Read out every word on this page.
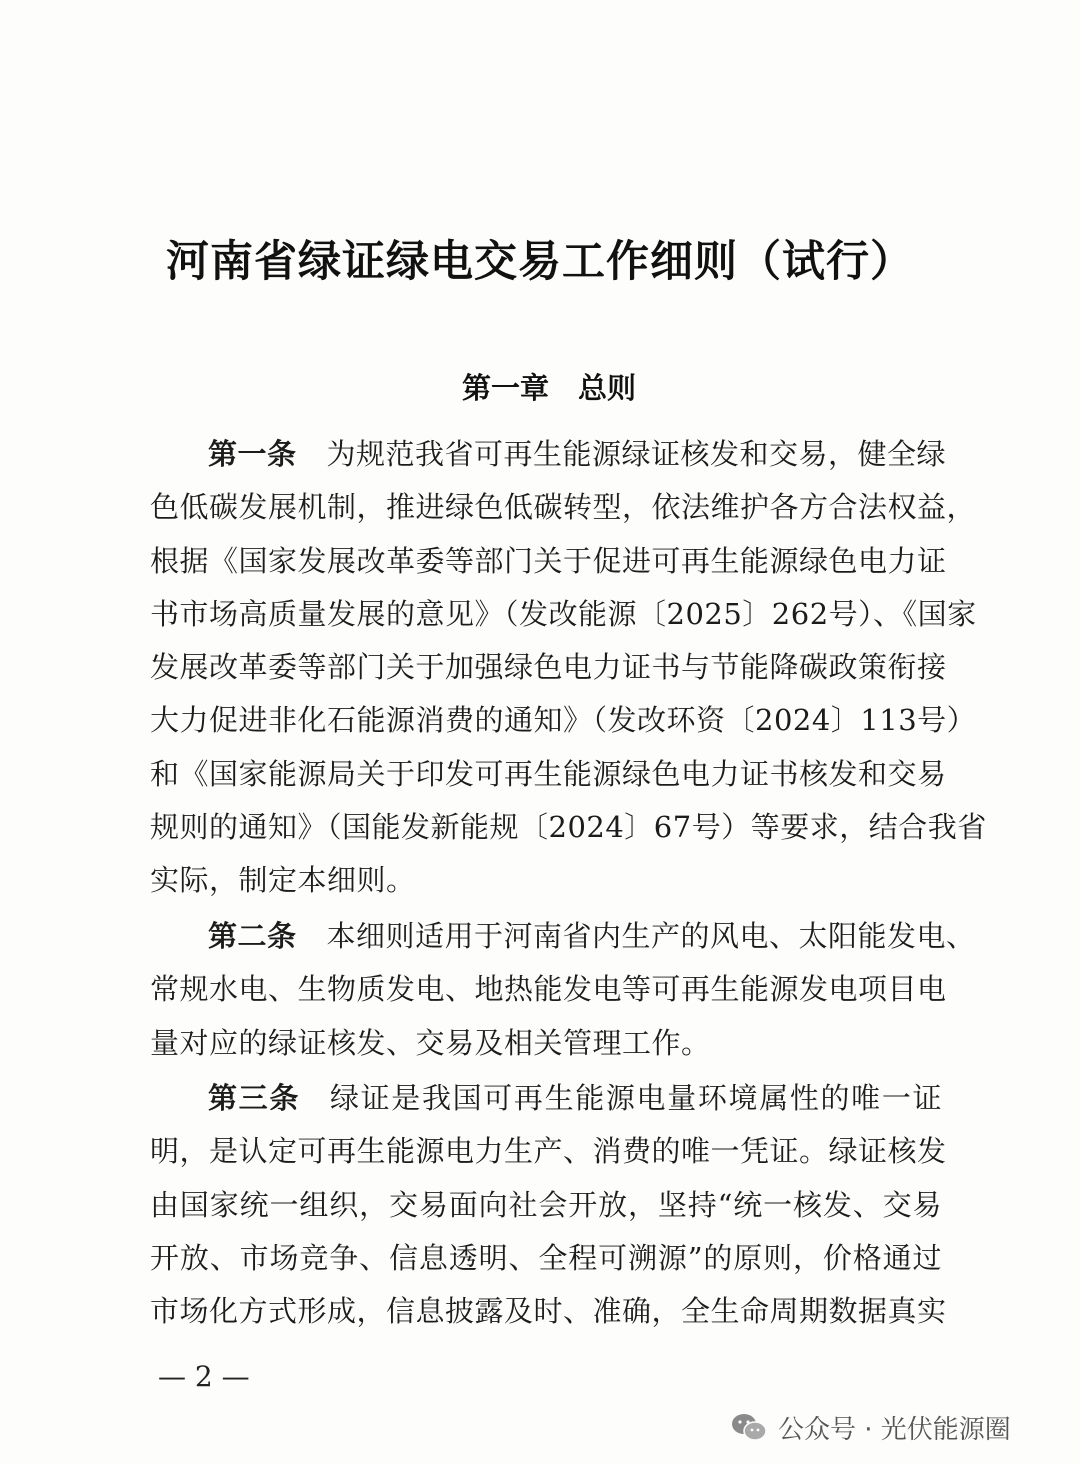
河南省绿证绿电交易工作细则（试行）
第一章　总则
第一条 为规范我省可再生能源绿证核发和交易，健全绿
色低碳发展机制，推进绿色低碳转型，依法维护各方合法权益，
根据《国家发展改革委等部门关于促进可再生能源绿色电力证
书市场高质量发展的意见》（发改能源〔2025〕262号）、《国家
发展改革委等部门关于加强绿色电力证书与节能降碳政策衔接
大力促进非化石能源消费的通知》（发改环资〔2024〕113号）
和《国家能源局关于印发可再生能源绿色电力证书核发和交易
规则的通知》（国能发新能规〔2024〕67号）等要求，结合我省
实际，制定本细则。
第二条 本细则适用于河南省内生产的风电、太阳能发电、
常规水电、生物质发电、地热能发电等可再生能源发电项目电
量对应的绿证核发、交易及相关管理工作。
第三条 绿证是我国可再生能源电量环境属性的唯一证
明，是认定可再生能源电力生产、消费的唯一凭证。绿证核发
由国家统一组织，交易面向社会开放，坚持“统一核发、交易
开放、市场竞争、信息透明、全程可溯源”的原则，价格通过
市场化方式形成，信息披露及时、准确，全生命周期数据真实
— 2 —
公众号 · 光伏能源圈
